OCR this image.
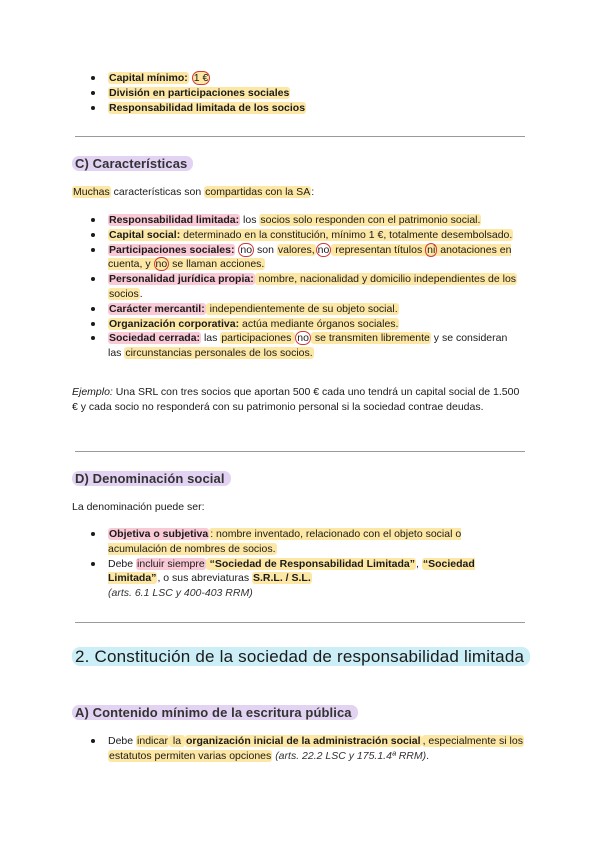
Capital mínimo: 1 €
División en participaciones sociales
Responsabilidad limitada de los socios
C) Características
Muchas características son compartidas con la SA:
Responsabilidad limitada: los socios solo responden con el patrimonio social.
Capital social: determinado en la constitución, mínimo 1 €, totalmente desembolsado.
Participaciones sociales: no son valores, no representan títulos ni anotaciones en cuenta, y no se llaman acciones.
Personalidad jurídica propia: nombre, nacionalidad y domicilio independientes de los socios.
Carácter mercantil: independientemente de su objeto social.
Organización corporativa: actúa mediante órganos sociales.
Sociedad cerrada: las participaciones no se transmiten libremente y se consideran las circunstancias personales de los socios.
Ejemplo: Una SRL con tres socios que aportan 500 € cada uno tendrá un capital social de 1.500 € y cada socio no responderá con su patrimonio personal si la sociedad contrae deudas.
D) Denominación social
La denominación puede ser:
Objetiva o subjetiva : nombre inventado, relacionado con el objeto social o acumulación de nombres de socios.
Debe incluir siempre “Sociedad de Responsabilidad Limitada”, “Sociedad Limitada”, o sus abreviaturas S.R.L. / S.L.
(arts. 6.1 LSC y 400-403 RRM)
2. Constitución de la sociedad de responsabilidad limitada
A) Contenido mínimo de la escritura pública
Debe indicar la organización inicial de la administración social , especialmente si los estatutos permiten varias opciones (arts. 22.2 LSC y 175.1.4ª RRM).
